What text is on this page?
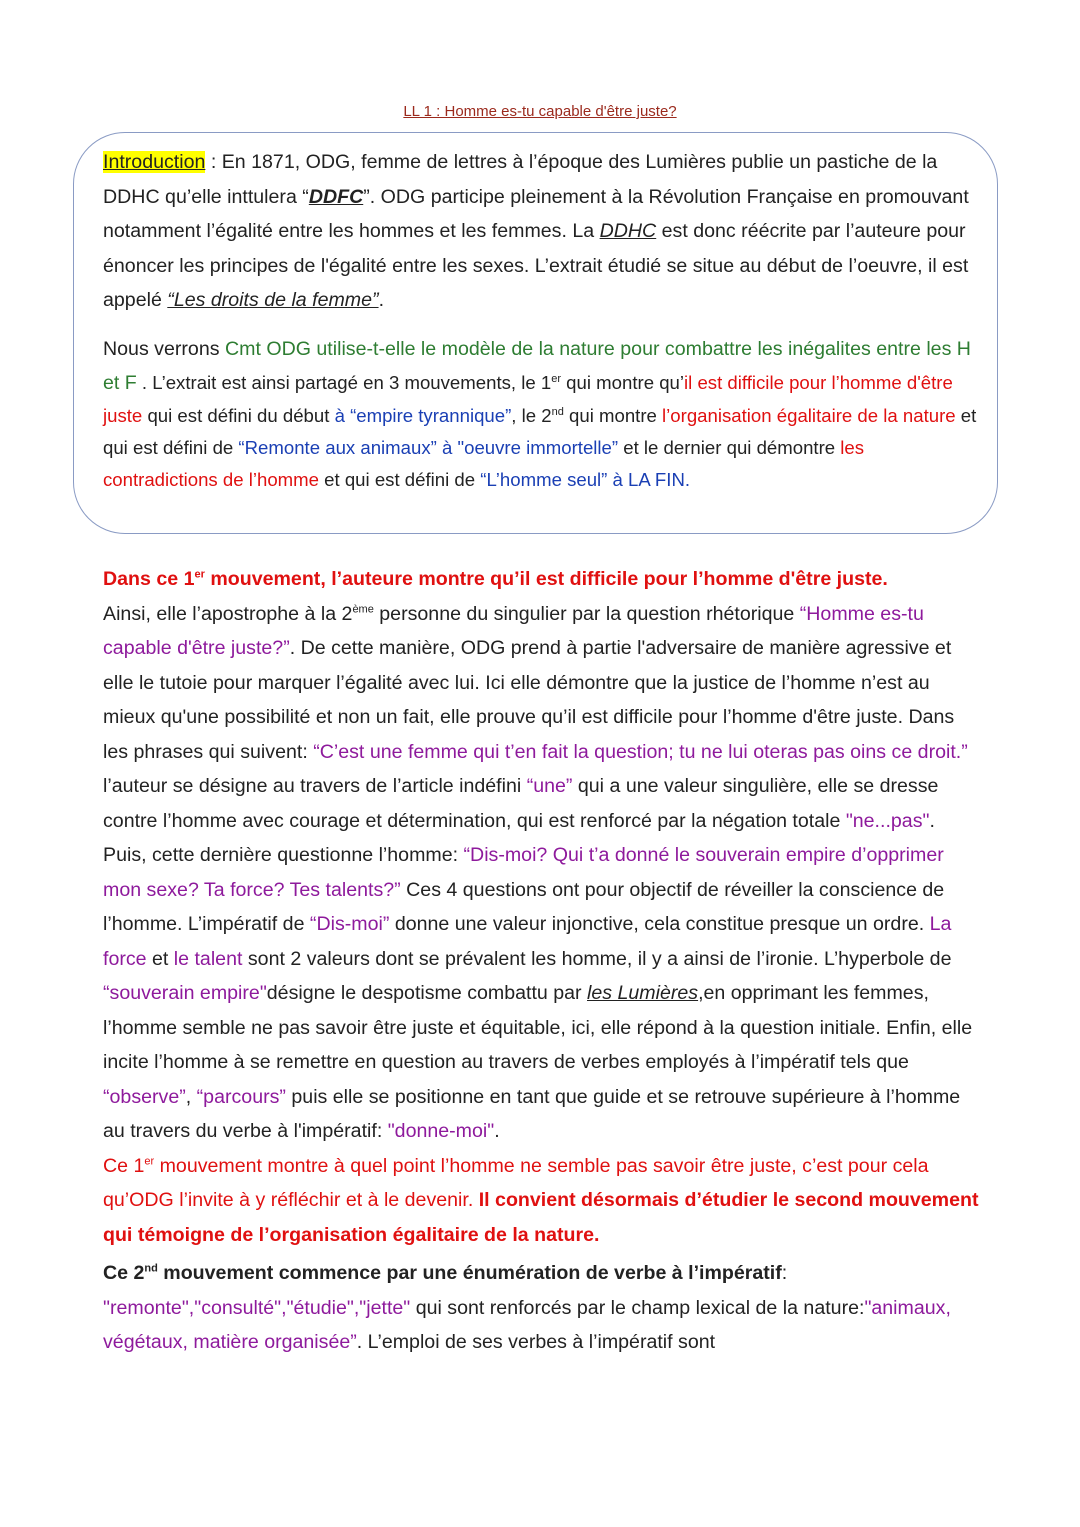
LL 1 : Homme es-tu capable d'être juste?

Introduction : En 1871, ODG, femme de lettres à l’époque des Lumières publie un pastiche de la DDHC qu’elle inttulera “DDFC”. ODG participe pleinement à la Révolution Française en promouvant notamment l’égalité entre les hommes et les femmes. La DDHC est donc réécrite par l’auteure pour énoncer les principes de l'égalité entre les sexes. L’extrait étudié se situe au début de l’oeuvre, il est appelé “Les droits de la femme”.

Nous verrons Cmt ODG utilise-t-elle le modèle de la nature pour combattre les inégalites entre les H et F . L’extrait est ainsi partagé en 3 mouvements, le 1er qui montre qu’il est difficile pour l’homme d'être juste qui est défini du début à “empire tyrannique”, le 2nd qui montre l’organisation égalitaire de la nature et qui est défini de “Remonte aux animaux” à "oeuvre immortelle” et le dernier qui démontre les contradictions de l’homme et qui est défini de “L’homme seul” à LA FIN.

Dans ce 1er mouvement, l’auteure montre qu’il est difficile pour l’homme d'être juste.

Ainsi, elle l’apostrophe à la 2ème personne du singulier par la question rhétorique “Homme es-tu capable d'être juste?”. De cette manière, ODG prend à partie l'adversaire de manière agressive et elle le tutoie pour marquer l’égalité avec lui. Ici elle démontre que la justice de l’homme n’est au mieux qu'une possibilité et non un fait, elle prouve qu’il est difficile pour l’homme d'être juste. Dans les phrases qui suivent: “C’est une femme qui t’en fait la question; tu ne lui oteras pas oins ce droit.” l’auteur se désigne au travers de l’article indéfini “une” qui a une valeur singulière, elle se dresse contre l’homme avec courage et détermination, qui est renforcé par la négation totale "ne...pas". Puis, cette dernière questionne l’homme: “Dis-moi? Qui t’a donné le souverain empire d’opprimer mon sexe? Ta force? Tes talents?” Ces 4 questions ont pour objectif de réveiller la conscience de l’homme. L’impératif de “Dis-moi” donne une valeur injonctive, cela constitue presque un ordre. La force et le talent sont 2 valeurs dont se prévalent les homme, il y a ainsi de l’ironie. L’hyperbole de “souverain empire"désigne le despotisme combattu par les Lumières,en opprimant les femmes, l’homme semble ne pas savoir être juste et équitable, ici, elle répond à la question initiale. Enfin, elle incite l’homme à se remettre en question au travers de verbes employés à l’impératif tels que “observe”, “parcours” puis elle se positionne en tant que guide et se retrouve supérieure à l’homme au travers du verbe à l'impératif: "donne-moi".

Ce 1er mouvement montre à quel point l’homme ne semble pas savoir être juste, c’est pour cela qu’ODG l’invite à y réfléchir et à le devenir. Il convient désormais d’étudier le second mouvement qui témoigne de l’organisation égalitaire de la nature.

Ce 2nd mouvement commence par une énumération de verbe à l’impératif:
"remonte","consulté","étudie","jette" qui sont renforcés par le champ lexical de la nature:"animaux, végétaux, matière organisée”. L’emploi de ses verbes à l’impératif sont
